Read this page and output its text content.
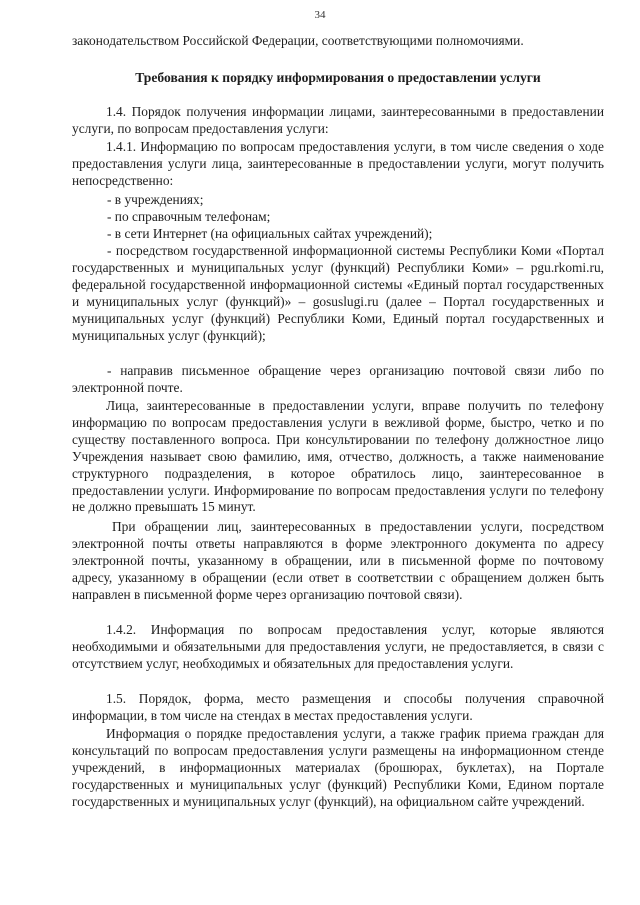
34
законодательством Российской Федерации, соответствующими полномочиями.
Требования к порядку информирования о предоставлении услуги
1.4. Порядок получения информации лицами, заинтересованными в предоставлении услуги, по вопросам предоставления услуги:
1.4.1. Информацию по вопросам предоставления услуги, в том числе сведения о ходе предоставления услуги лица, заинтересованные в предоставлении услуги, могут получить непосредственно:
- в учреждениях;
- по справочным телефонам;
- в сети Интернет (на официальных сайтах учреждений);
- посредством государственной информационной системы Республики Коми «Портал государственных и муниципальных услуг (функций) Республики Коми» – pgu.rkomi.ru, федеральной государственной информационной системы «Единый портал государственных и муниципальных услуг (функций)» – gosuslugi.ru (далее – Портал государственных и муниципальных услуг (функций) Республики Коми, Единый портал государственных и муниципальных услуг (функций);
- направив письменное обращение через организацию почтовой связи либо по электронной почте.
Лица, заинтересованные в предоставлении услуги, вправе получить по телефону информацию по вопросам предоставления услуги в вежливой форме, быстро, четко и по существу поставленного вопроса. При консультировании по телефону должностное лицо Учреждения называет свою фамилию, имя, отчество, должность, а также наименование структурного подразделения, в которое обратилось лицо, заинтересованное в предоставлении услуги. Информирование по вопросам предоставления услуги по телефону не должно превышать 15 минут.
При обращении лиц, заинтересованных в предоставлении услуги, посредством электронной почты ответы направляются в форме электронного документа по адресу электронной почты, указанному в обращении, или в письменной форме по почтовому адресу, указанному в обращении (если ответ в соответствии с обращением должен быть направлен в письменной форме через организацию почтовой связи).
1.4.2. Информация по вопросам предоставления услуг, которые являются необходимыми и обязательными для предоставления услуги, не предоставляется, в связи с отсутствием услуг, необходимых и обязательных для предоставления услуги.
1.5. Порядок, форма, место размещения и способы получения справочной информации, в том числе на стендах в местах предоставления услуги.
Информация о порядке предоставления услуги, а также график приема граждан для консультаций по вопросам предоставления услуги размещены на информационном стенде учреждений, в информационных материалах (брошюрах, буклетах), на Портале государственных и муниципальных услуг (функций) Республики Коми, Едином портале государственных и муниципальных услуг (функций), на официальном сайте учреждений.
